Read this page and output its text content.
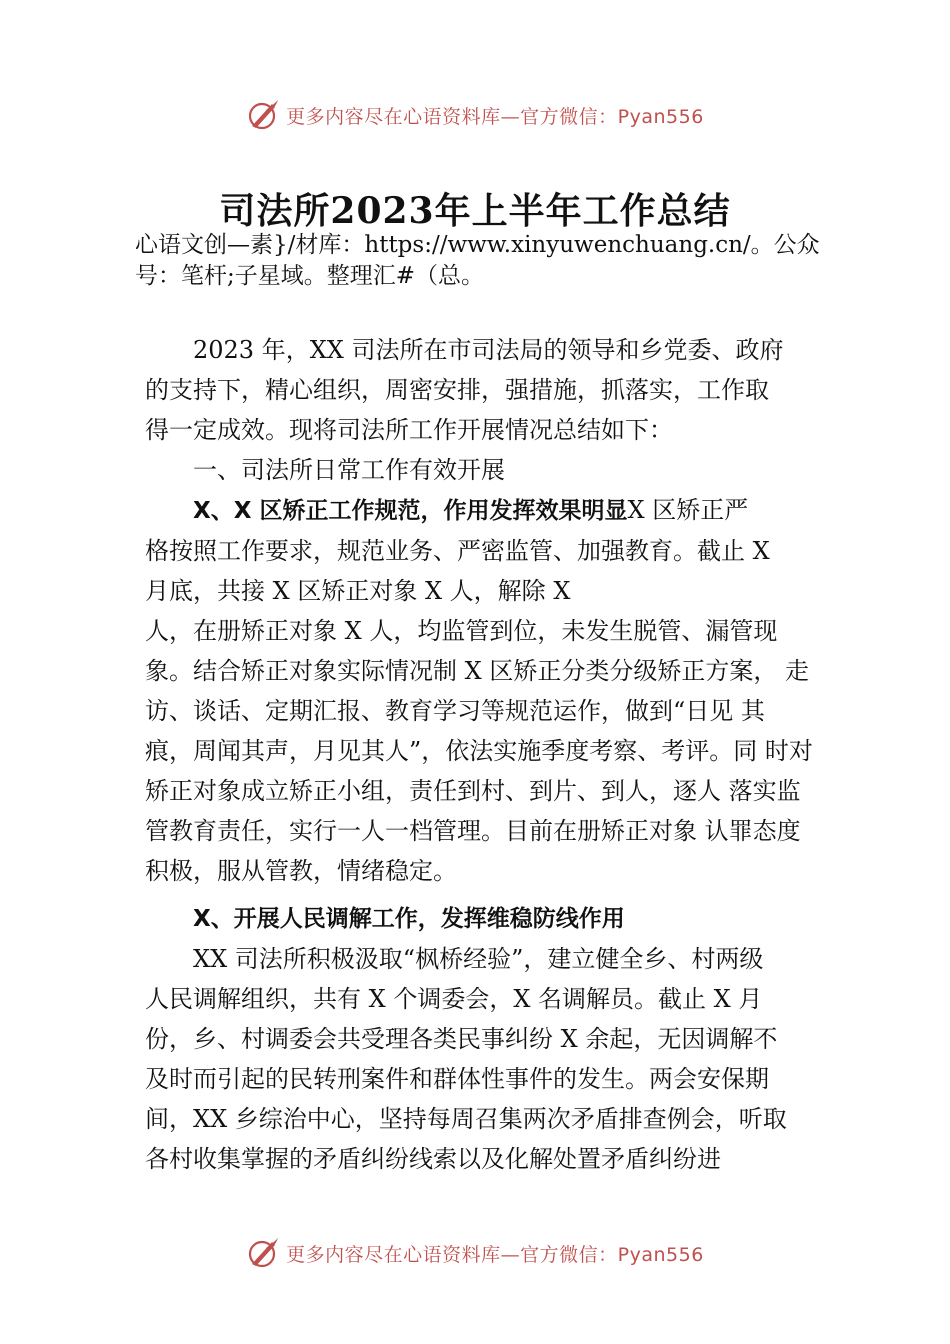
更多内容尽在心语资料库—官方微信：Pyan556
司法所2023年上半年工作总结
心语文创—素}/材库：https://www.xinyuwenchuang.cn/。公众号：笔杆;子星域。整理汇#（总。

2023 年，XX 司法所在市司法局的领导和乡党委、政府
的支持下，精心组织，周密安排，强措施，抓落实，工作取
得一定成效。现将司法所工作开展情况总结如下：

一、司法所日常工作有效开展

X、X 区矫正工作规范，作用发挥效果明显X 区矫正严
格按照工作要求，规范业务、严密监管、加强教育。截止 X
月底，共接 X 区矫正对象 X 人，解除 X
人，在册矫正对象 X 人，均监管到位，未发生脱管、漏管现
象。结合矫正对象实际情况制 X 区矫正分类分级矫正方案， 走
访、谈话、定期汇报、教育学习等规范运作，做到“日见 其
痕，周闻其声，月见其人”，依法实施季度考察、考评。同 时对
矫正对象成立矫正小组，责任到村、到片、到人，逐人 落实监
管教育责任，实行一人一档管理。目前在册矫正对象 认罪态度
积极，服从管教，情绪稳定。

X、开展人民调解工作，发挥维稳防线作用

XX 司法所积极汲取“枫桥经验”，建立健全乡、村两级
人民调解组织，共有 X 个调委会，X 名调解员。截止 X 月
份，乡、村调委会共受理各类民事纠纷 X 余起，无因调解不
及时而引起的民转刑案件和群体性事件的发生。两会安保期
间，XX 乡综治中心，坚持每周召集两次矛盾排查例会，听取
各村收集掌握的矛盾纠纷线索以及化解处置矛盾纠纷进

更多内容尽在心语资料库—官方微信：Pyan556
